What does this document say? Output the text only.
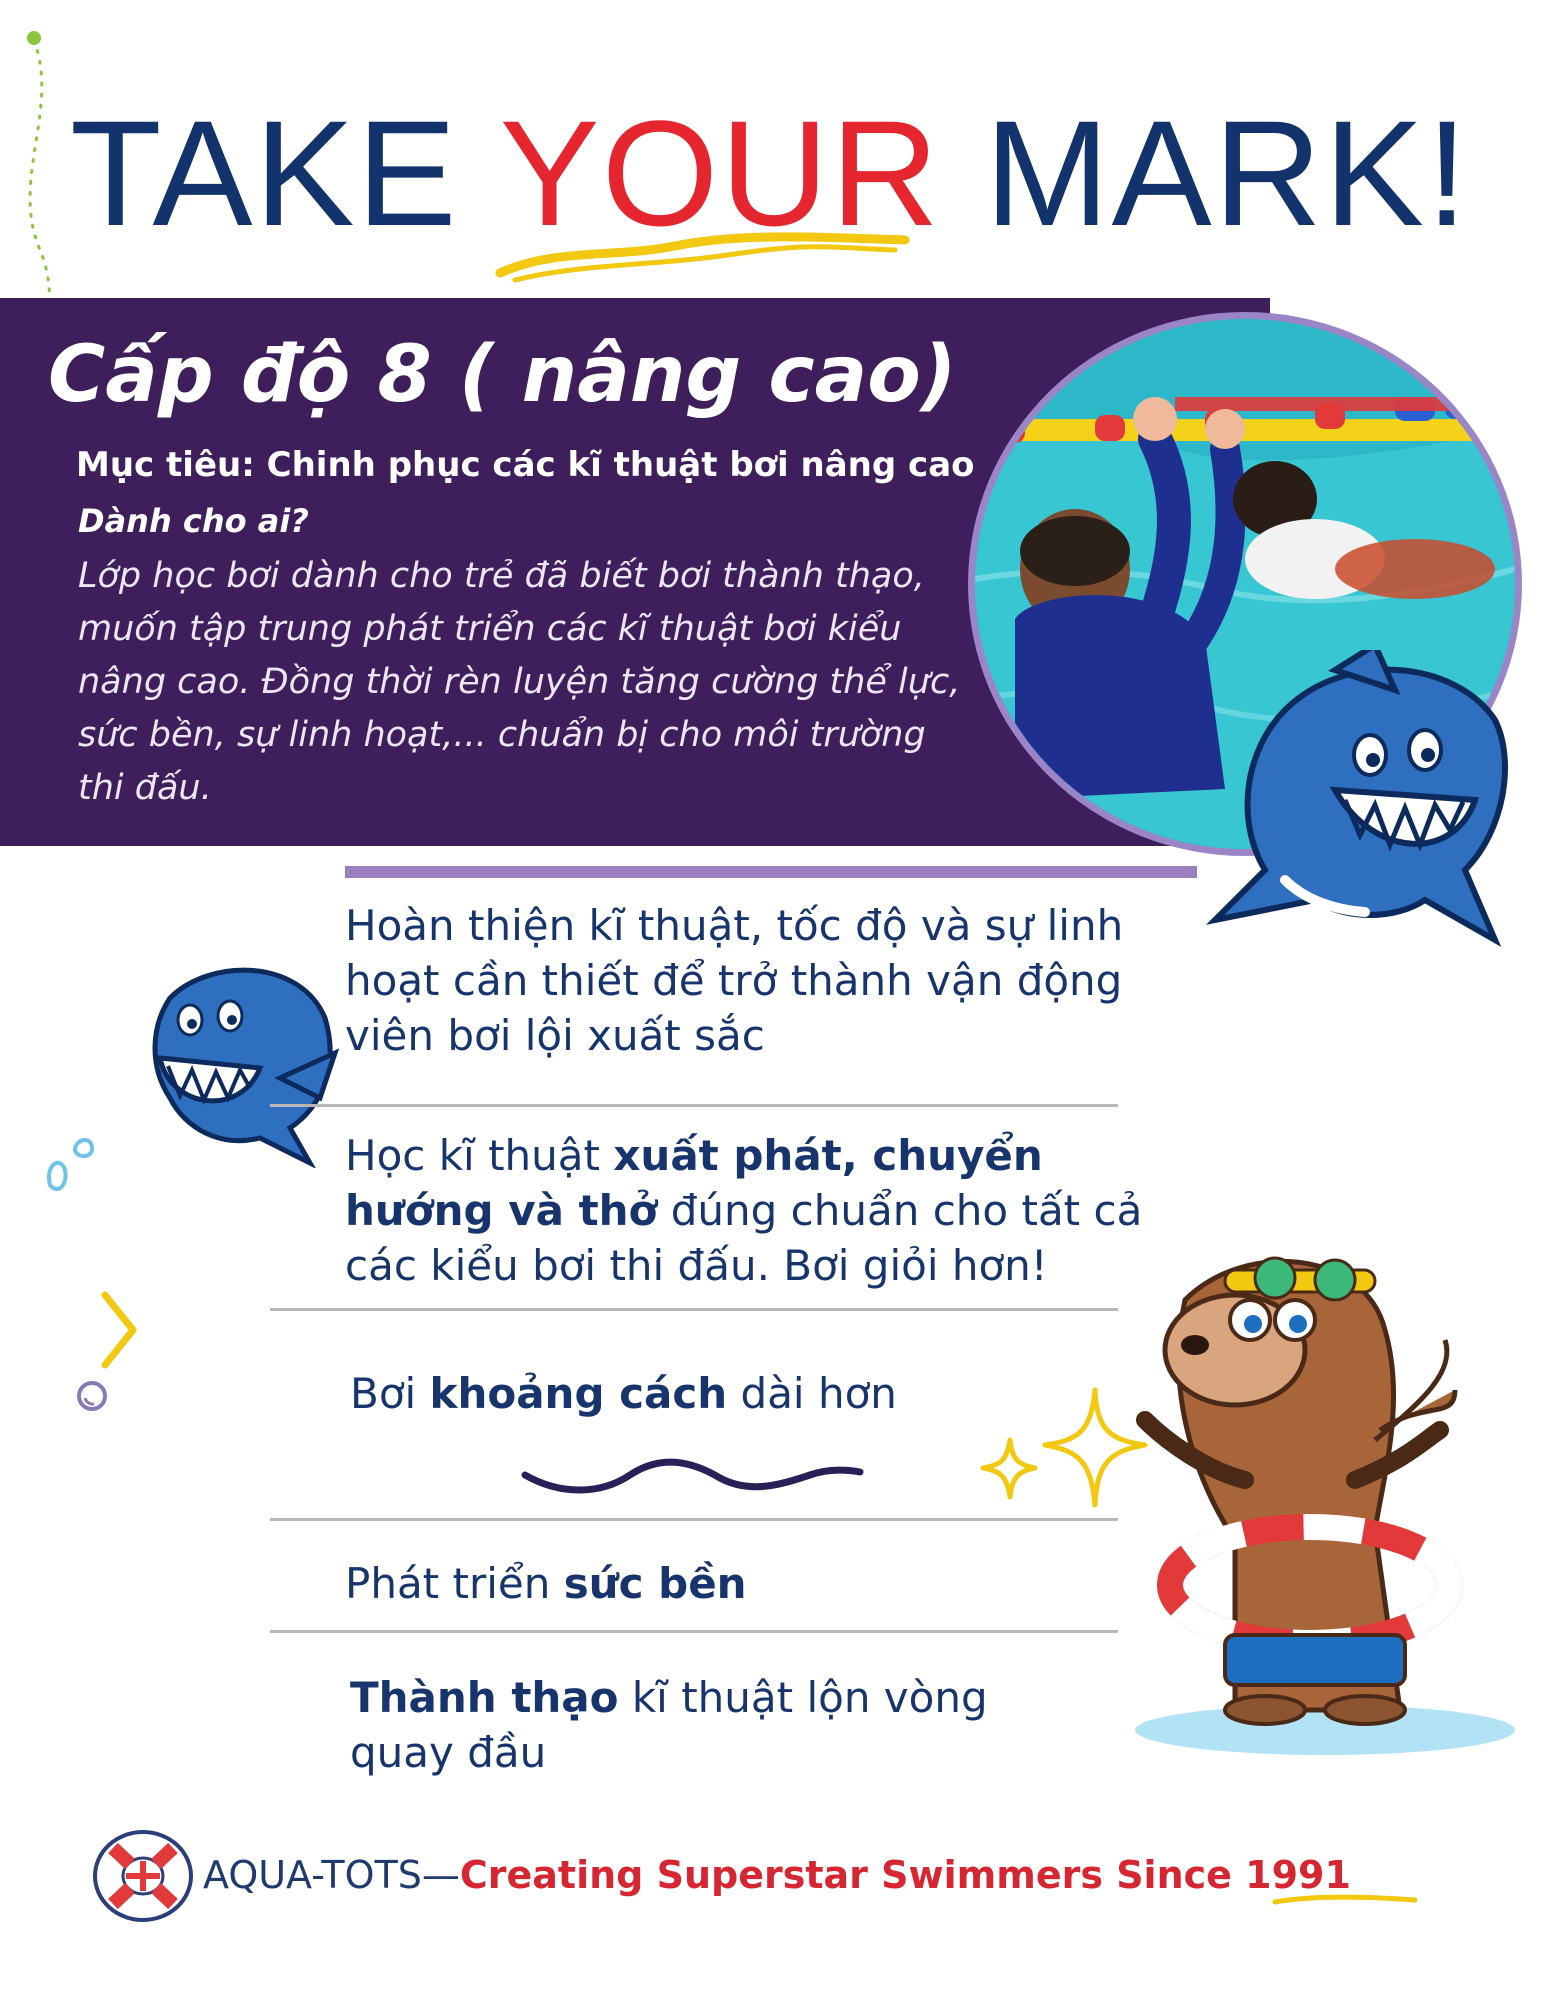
TAKE YOUR MARK!
Cấp độ 8 ( nâng cao)
Mục tiêu: Chinh phục các kĩ thuật bơi nâng cao
Dành cho ai?
Lớp học bơi dành cho trẻ đã biết bơi thành thạo, muốn tập trung phát triển các kĩ thuật bơi kiểu nâng cao. Đồng thời rèn luyện tăng cường thể lực, sức bền, sự linh hoạt,... chuẩn bị cho môi trường thi đấu.
Hoàn thiện kĩ thuật, tốc độ và sự linh hoạt cần thiết để trở thành vận động viên bơi lội xuất sắc
Học kĩ thuật xuất phát, chuyển hướng và thở đúng chuẩn cho tất cả các kiểu bơi thi đấu. Bơi giỏi hơn!
Bơi khoảng cách dài hơn
Phát triển sức bền
Thành thạo kĩ thuật lộn vòng quay đầu
AQUA-TOTS—Creating Superstar Swimmers Since 1991
